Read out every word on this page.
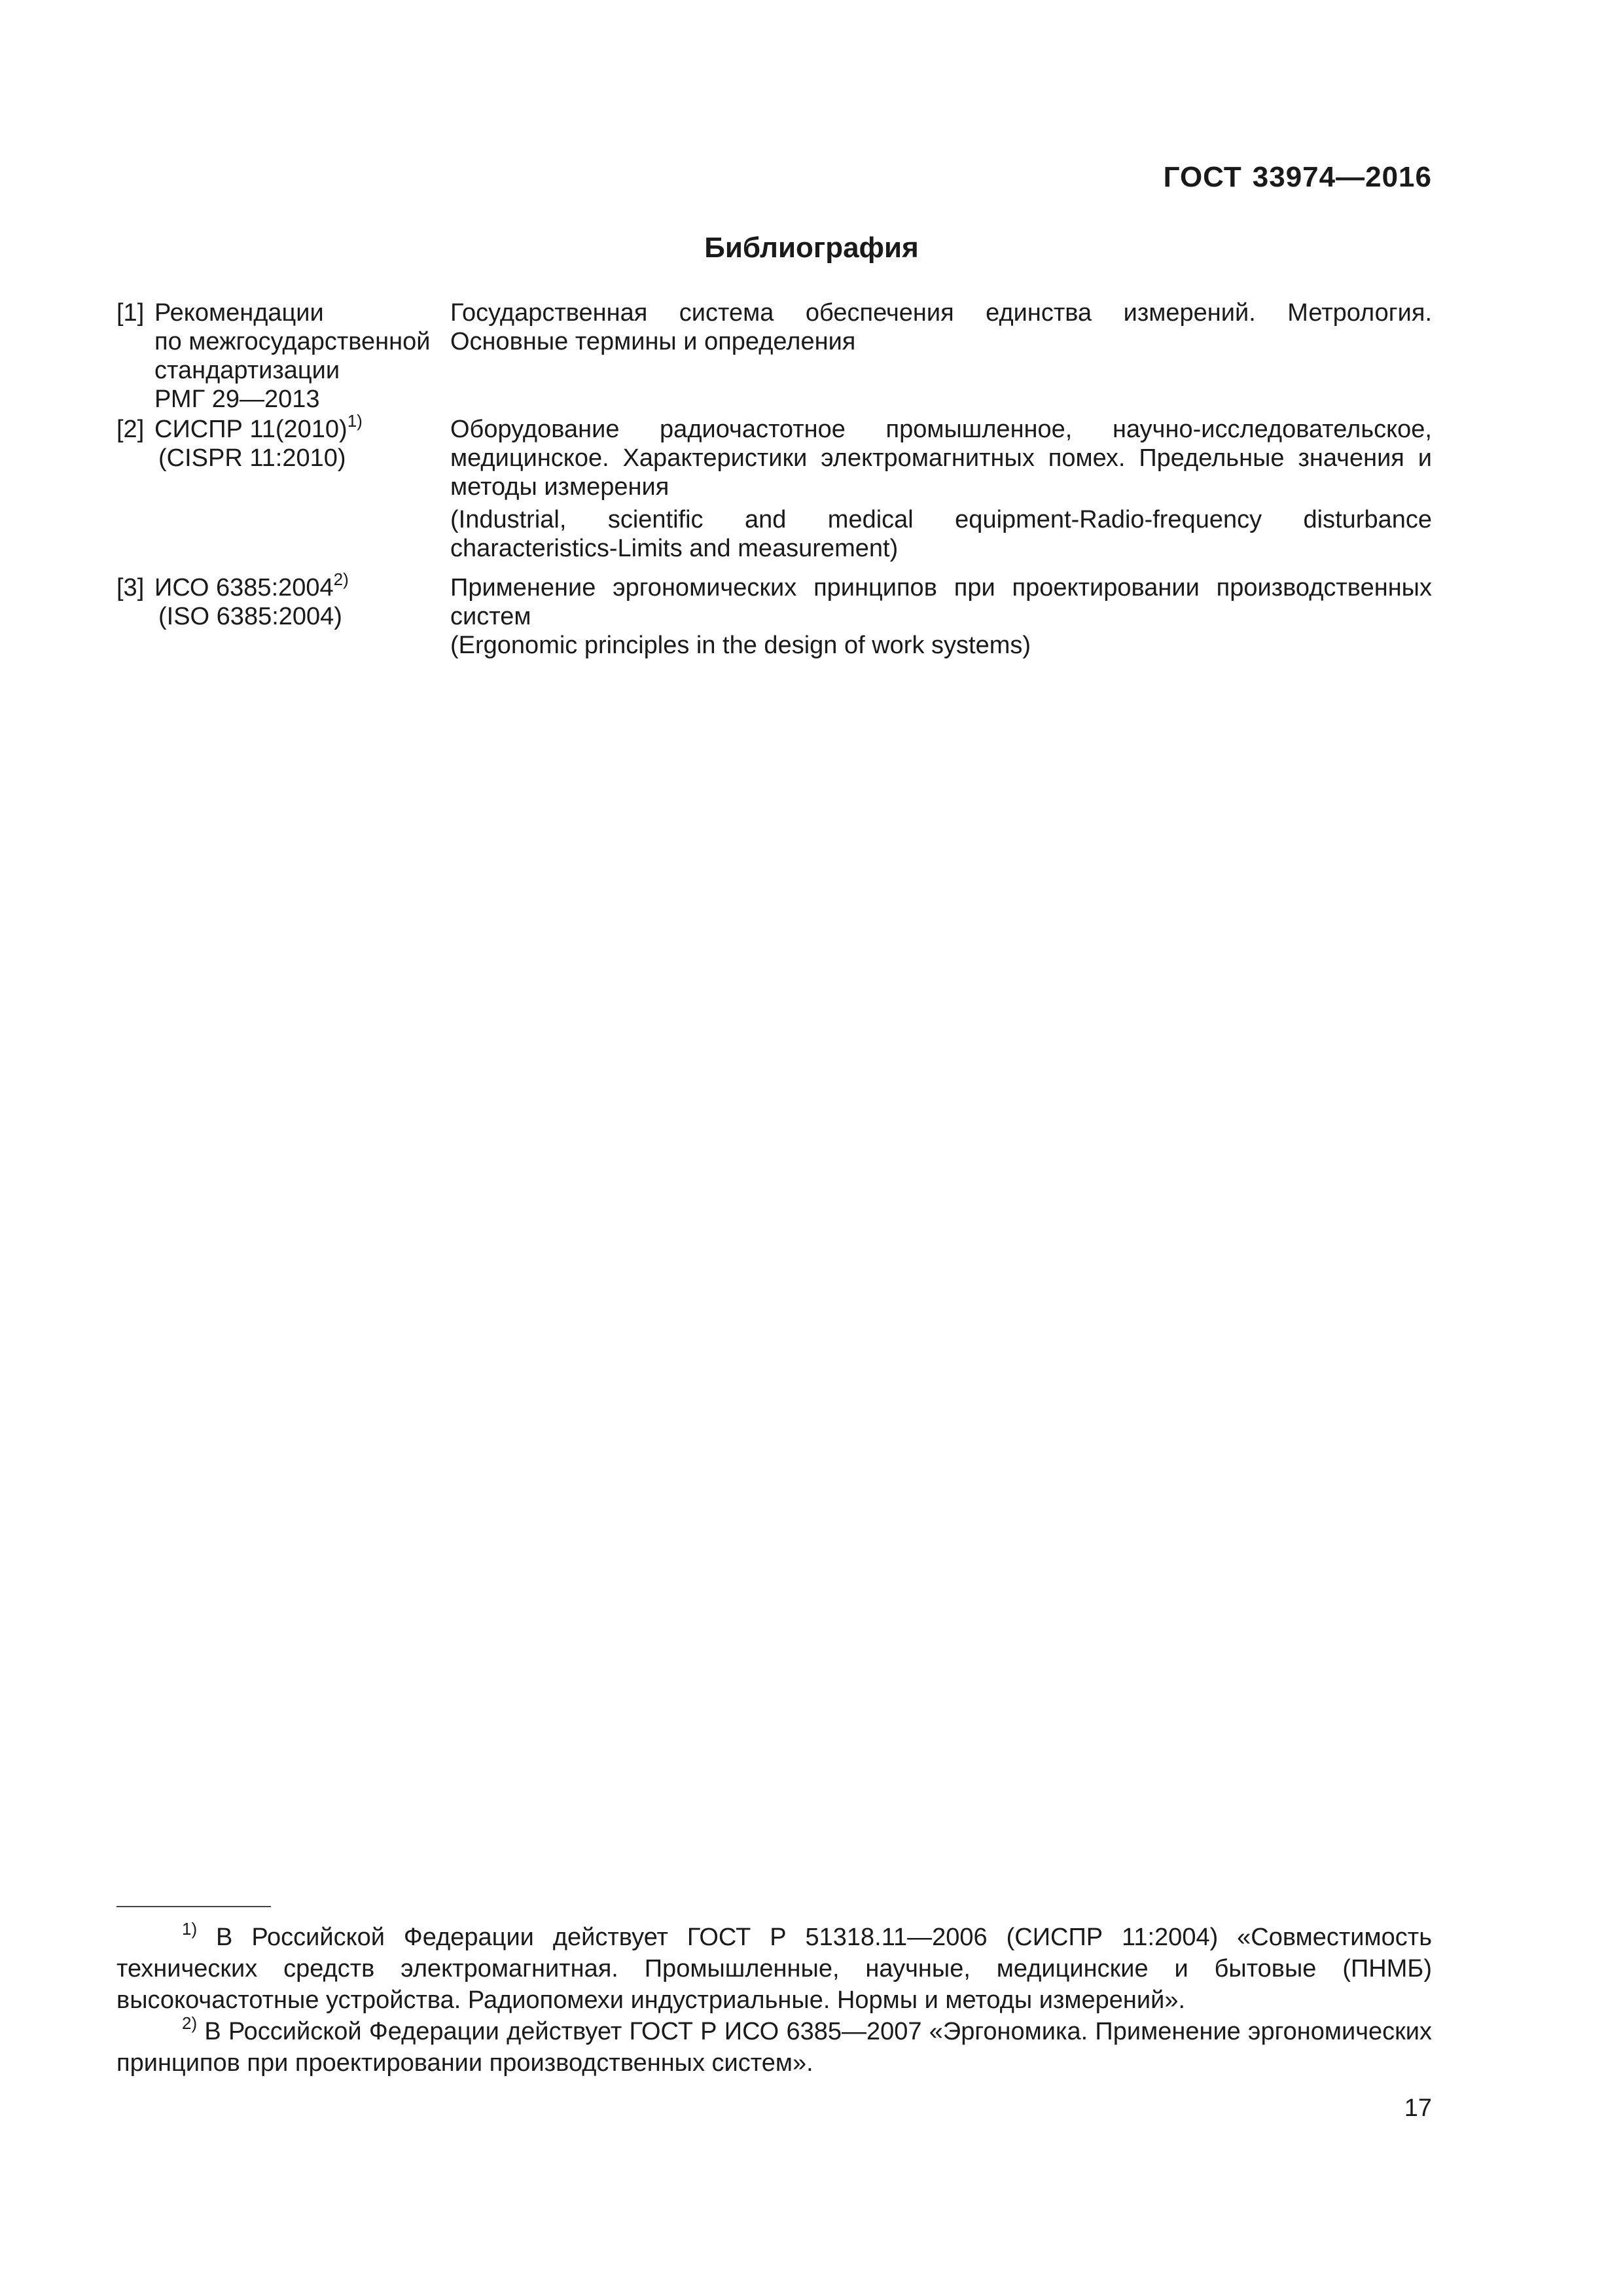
ГОСТ 33974—2016
Библиография
[1] Рекомендации
по межгосударственной
стандартизации
РМГ 29—2013

Государственная система обеспечения единства измерений. Метрология. Основные термины и определения

[2] СИСПР $11(2010)^{1)}$
(CISPR 11:2010)

Оборудование радиочастотное промышленное, научно-исследовательское, медицинское. Характеристики электромагнитных помех. Предельные значения и методы измерения

(Industrial, scientific and medical equipment-Radio-frequency disturbance characteristics-Limits and measurement)

[3] ИСО 6385:2004$^{2)}$
(ISO 6385:2004)

Применение эргономических принципов при проектировании производственных систем

(Ergonomic principles in the design of work systems)

$^{1)}$ В Российской Федерации действует ГОСТ Р 51318.11—2006 (СИСПР 11:2004) «Совместимость технических средств электромагнитная. Промышленные, научные, медицинские и бытовые (ПНМБ) высокочастотные устройства. Радиопомехи индустриальные. Нормы и методы измерений».

$^{2)}$ В Российской Федерации действует ГОСТ Р ИСО 6385—2007 «Эргономика. Применение эргономических принципов при проектировании производственных систем».

17
